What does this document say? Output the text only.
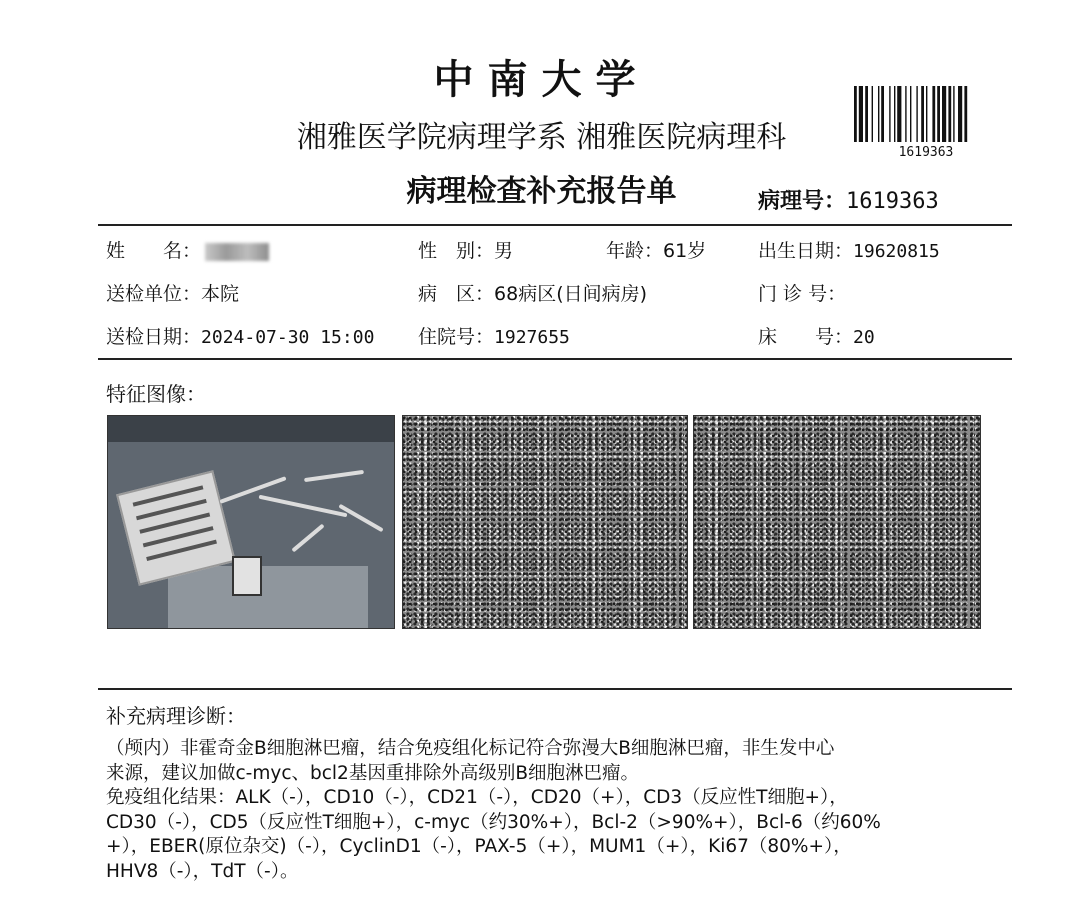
中南大学
湘雅医学院病理学系 湘雅医院病理科
病理检查补充报告单
1619363
病理号：1619363
姓　　名：	性　别：男	年龄：61岁	出生日期：19620815
送检单位：本院	病　区：68病区(日间病房)	门 诊 号：
送检日期：2024-07-30 15:00 住院号：1927655	床　　号：20
特征图像：
补充病理诊断：
（颅内）非霍奇金B细胞淋巴瘤，结合免疫组化标记符合弥漫大B细胞淋巴瘤，非生发中心
来源，建议加做c-myc、bcl2基因重排除外高级别B细胞淋巴瘤。
免疫组化结果：ALK（-），CD10（-），CD21（-），CD20（+），CD3（反应性T细胞+），
CD30（-），CD5（反应性T细胞+），c-myc（约30%+），Bcl-2（>90%+），Bcl-6（约60%
+），EBER(原位杂交)（-），CyclinD1（-），PAX-5（+），MUM1（+），Ki67（80%+），
HHV8（-），TdT（-）。
